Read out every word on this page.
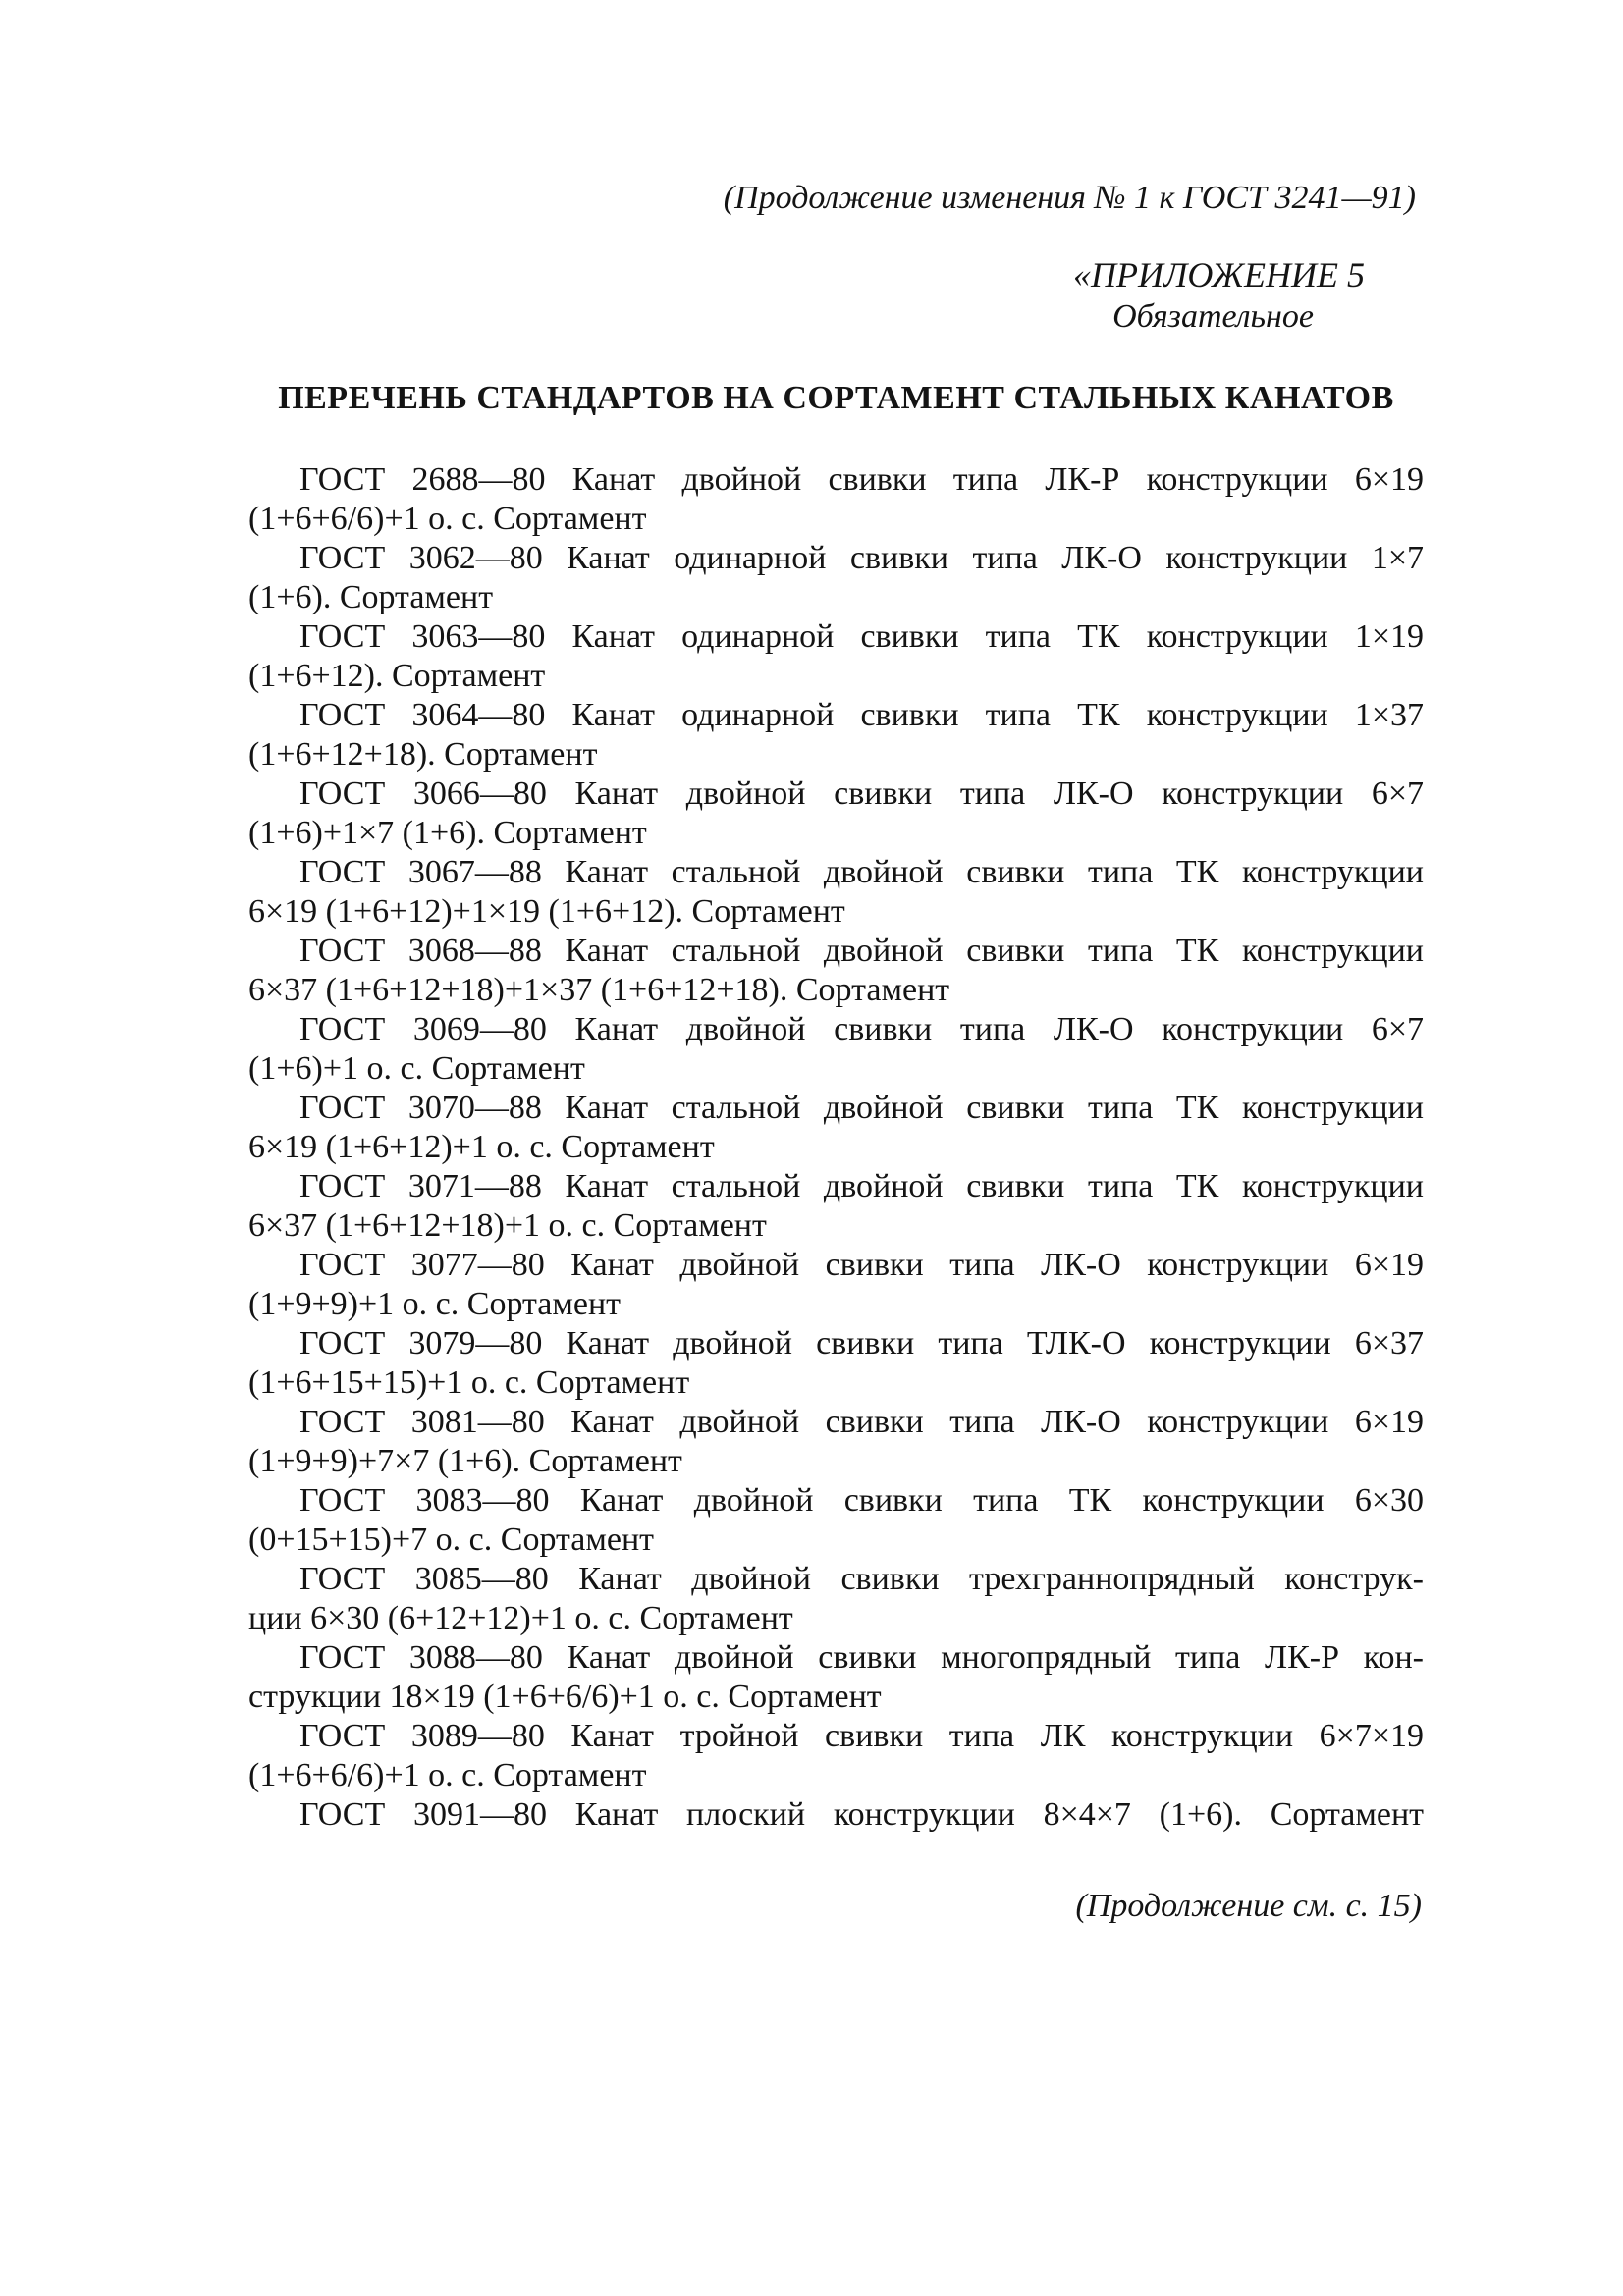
(Продолжение изменения № 1 к ГОСТ 3241—91)
«ПРИЛОЖЕНИЕ 5
Обязательное
ПЕРЕЧЕНЬ СТАНДАРТОВ НА СОРТАМЕНТ СТАЛЬНЫХ КАНАТОВ
ГОСТ 2688—80 Канат двойной свивки типа ЛК-Р конструкции 6×19
(1+6+6/6)+1 о. с. Сортамент
ГОСТ 3062—80 Канат одинарной свивки типа ЛК-О конструкции 1×7
(1+6). Сортамент
ГОСТ 3063—80 Канат одинарной свивки типа ТК конструкции 1×19
(1+6+12). Сортамент
ГОСТ 3064—80 Канат одинарной свивки типа ТК конструкции 1×37
(1+6+12+18). Сортамент
ГОСТ 3066—80 Канат двойной свивки типа ЛК-О конструкции 6×7
(1+6)+1×7 (1+6). Сортамент
ГОСТ 3067—88 Канат стальной двойной свивки типа ТК конструкции
6×19 (1+6+12)+1×19 (1+6+12). Сортамент
ГОСТ 3068—88 Канат стальной двойной свивки типа ТК конструкции
6×37 (1+6+12+18)+1×37 (1+6+12+18). Сортамент
ГОСТ 3069—80 Канат двойной свивки типа ЛК-О конструкции 6×7
(1+6)+1 о. с. Сортамент
ГОСТ 3070—88 Канат стальной двойной свивки типа ТК конструкции
6×19 (1+6+12)+1 о. с. Сортамент
ГОСТ 3071—88 Канат стальной двойной свивки типа ТК конструкции
6×37 (1+6+12+18)+1 о. с. Сортамент
ГОСТ 3077—80 Канат двойной свивки типа ЛК-О конструкции 6×19
(1+9+9)+1 о. с. Сортамент
ГОСТ 3079—80 Канат двойной свивки типа ТЛК-О конструкции 6×37
(1+6+15+15)+1 о. с. Сортамент
ГОСТ 3081—80 Канат двойной свивки типа ЛК-О конструкции 6×19
(1+9+9)+7×7 (1+6). Сортамент
ГОСТ 3083—80 Канат двойной свивки типа ТК конструкции 6×30
(0+15+15)+7 о. с. Сортамент
ГОСТ 3085—80 Канат двойной свивки трехграннопрядный конструк-
ции 6×30 (6+12+12)+1 о. с. Сортамент
ГОСТ 3088—80 Канат двойной свивки многопрядный типа ЛК-Р кон-
струкции 18×19 (1+6+6/6)+1 о. с. Сортамент
ГОСТ 3089—80 Канат тройной свивки типа ЛК конструкции 6×7×19
(1+6+6/6)+1 о. с. Сортамент
ГОСТ 3091—80 Канат плоский конструкции 8×4×7 (1+6). Сортамент
(Продолжение см. с. 15)
